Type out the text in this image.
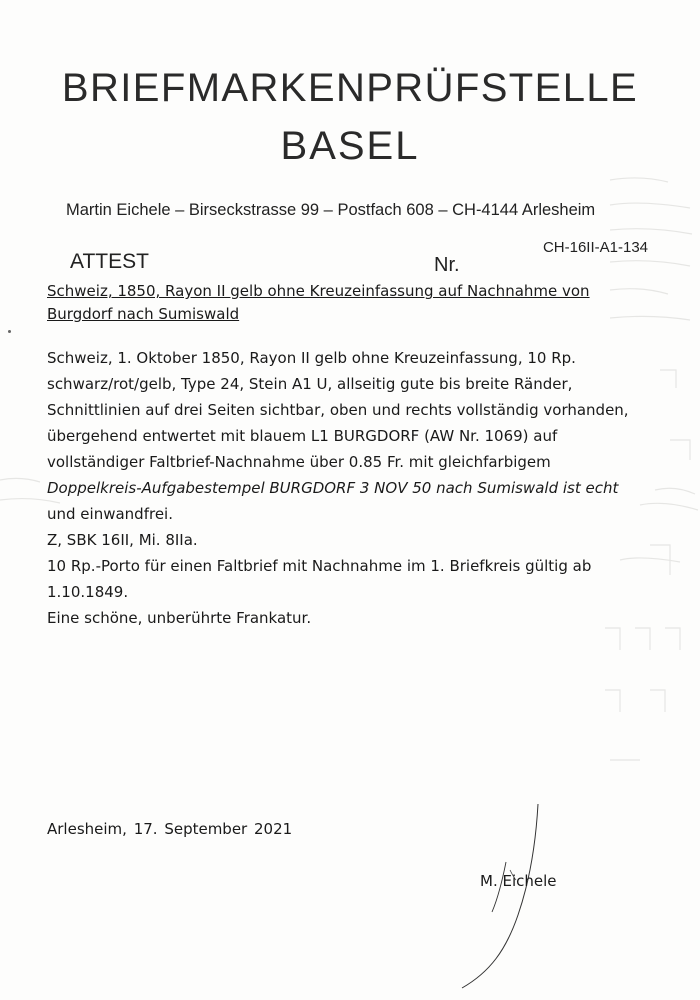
BRIEFMARKENPRÜFSTELLE
BASEL
Martin Eichele – Birseckstrasse 99 – Postfach 608 – CH-4144 Arlesheim
CH-16II-A1-134
ATTEST	Nr.
Schweiz, 1850, Rayon II gelb ohne Kreuzeinfassung auf Nachnahme von Burgdorf nach Sumiswald

Schweiz, 1. Oktober 1850, Rayon II gelb ohne Kreuzeinfassung, 10 Rp.

schwarz/rot/gelb, Type 24, Stein A1 U, allseitig gute bis breite Ränder,

Schnittlinien auf drei Seiten sichtbar, oben und rechts vollständig vorhanden,

übergehend entwertet mit blauem L1 BURGDORF (AW Nr. 1069) auf

vollständiger Faltbrief-Nachnahme über 0.85 Fr. mit gleichfarbigem

Doppelkreis-Aufgabestempel BURGDORF 3 NOV 50 nach Sumiswald ist echt

und einwandfrei.

Z, SBK 16II, Mi. 8IIa.

10 Rp.-Porto für einen Faltbrief mit Nachnahme im 1. Briefkreis gültig ab

1.10.1849.

Eine schöne, unberührte Frankatur.

Arlesheim, 17. September 2021
M. Eichele
